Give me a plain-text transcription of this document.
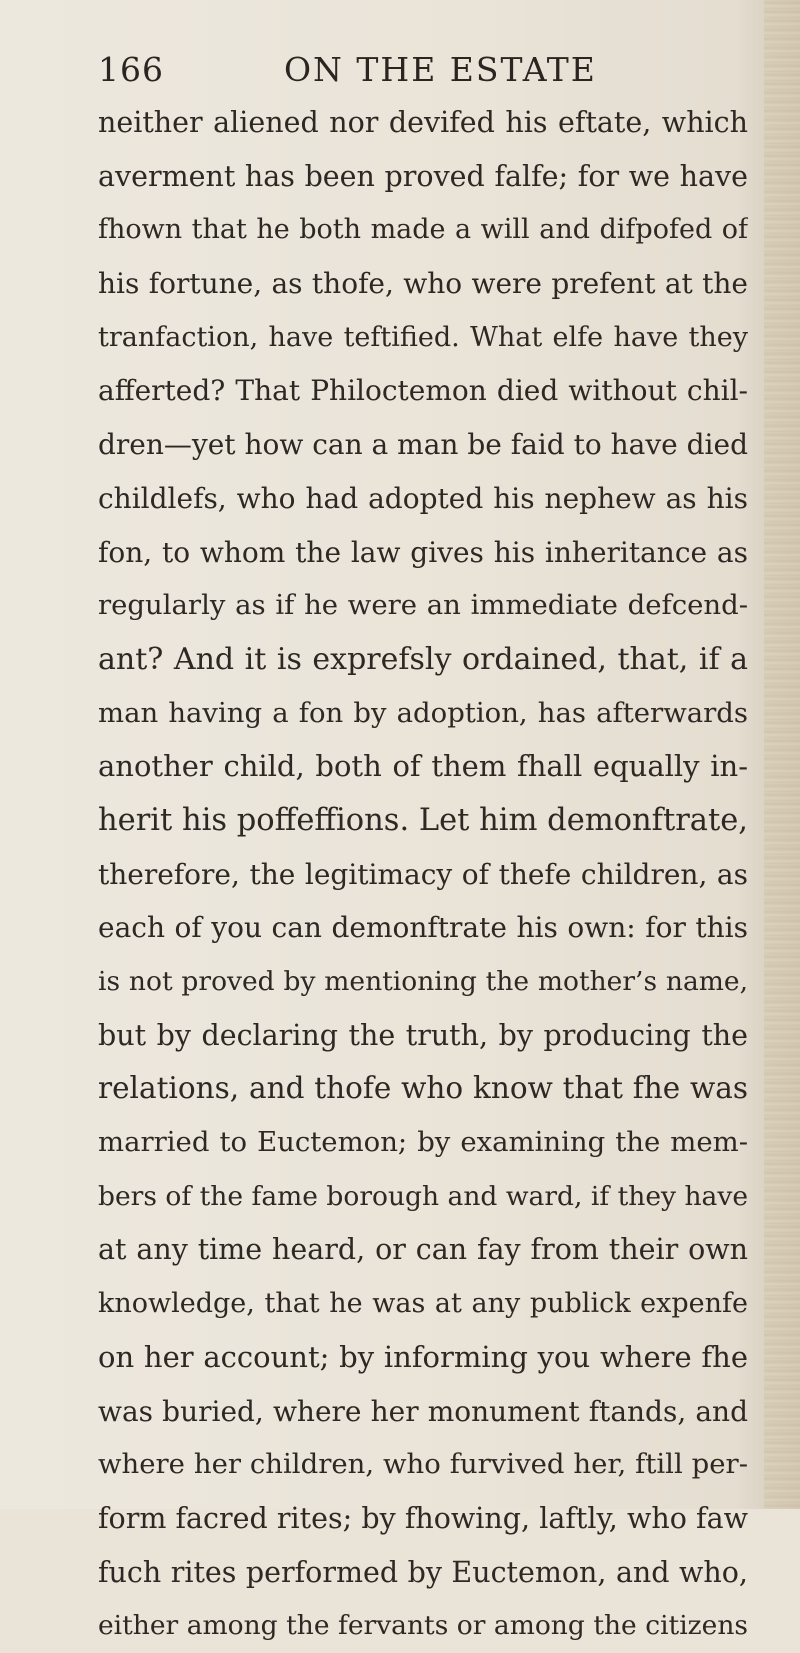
166	ON THE ESTATE
neither aliened nor devifed his eftate, which
averment has been proved falfe; for we have
fhown that he both made a will and difpofed of
his fortune, as thofe, who were prefent at the
tranfaction, have teftified. What elfe have they
afferted? That Philoctemon died without chil-
dren—yet how can a man be faid to have died
childlefs, who had adopted his nephew as his
fon, to whom the law gives his inheritance as
regularly as if he were an immediate defcend-
ant? And it is exprefsly ordained, that, if a
man having a fon by adoption, has afterwards
another child, both of them fhall equally in-
herit his poffeffions. Let him demonftrate,
therefore, the legitimacy of thefe children, as
each of you can demonftrate his own: for this
is not proved by mentioning the mother’s name,
but by declaring the truth, by producing the
relations, and thofe who know that fhe was
married to Euctemon; by examining the mem-
bers of the fame borough and ward, if they have
at any time heard, or can fay from their own
knowledge, that he was at any publick expenfe
on her account; by informing you where fhe
was buried, where her monument ftands, and
where her children, who furvived her, ftill per-
form facred rites; by fhowing, laftly, who faw
fuch rites performed by Euctemon, and who,
either among the fervants or among the citizens
